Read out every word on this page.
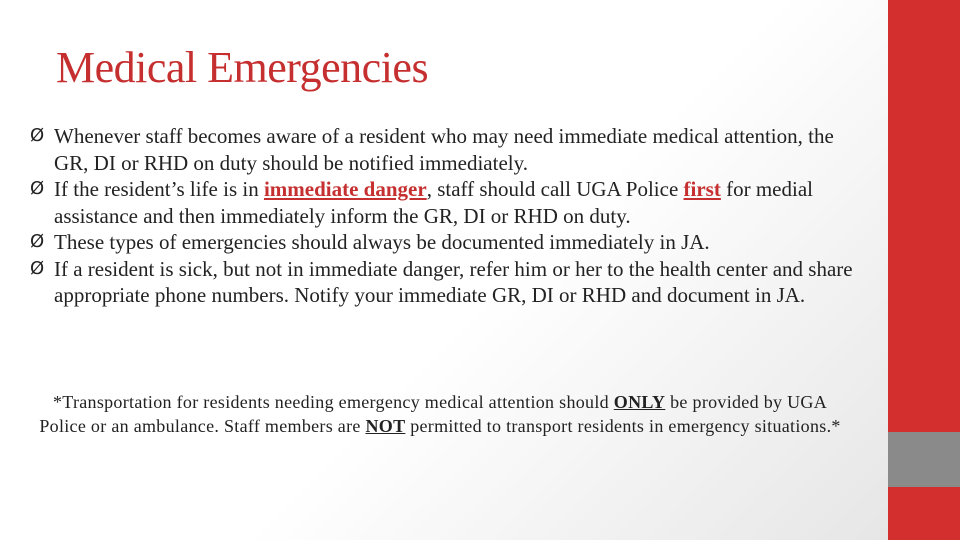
Medical Emergencies
Ø Whenever staff becomes aware of a resident who may need immediate medical attention, the GR, DI or RHD on duty should be notified immediately.
Ø If the resident’s life is in immediate danger, staff should call UGA Police first for medial assistance and then immediately inform the GR, DI or RHD on duty.
Ø These types of emergencies should always be documented immediately in JA.
Ø If a resident is sick, but not in immediate danger, refer him or her to the health center and share appropriate phone numbers. Notify your immediate GR, DI or RHD and document in JA.

*Transportation for residents needing emergency medical attention should ONLY be provided by UGA Police or an ambulance. Staff members are NOT permitted to transport residents in emergency situations.*
